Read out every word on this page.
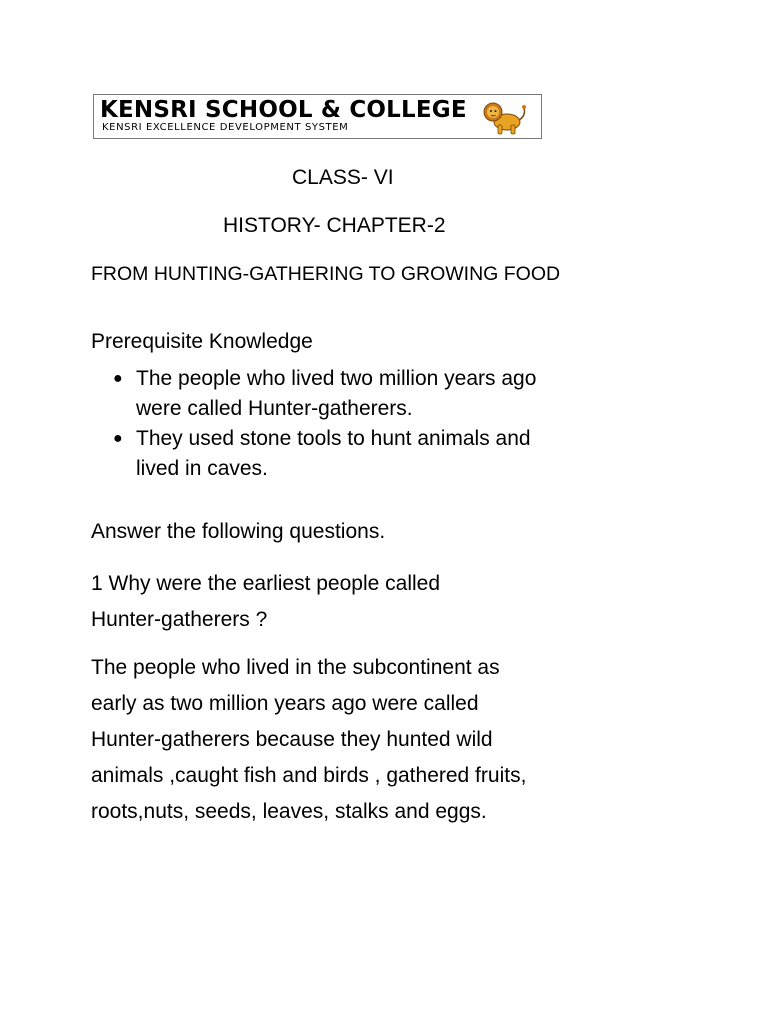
KENSRI SCHOOL & COLLEGE
KENSRI EXCELLENCE DEVELOPMENT SYSTEM
CLASS- VI
HISTORY- CHAPTER-2
FROM HUNTING-GATHERING TO GROWING FOOD
Prerequisite Knowledge
● The people who lived two million years ago
were called Hunter-gatherers.
● They used stone tools to hunt animals and
lived in caves.
Answer the following questions.
1 Why were the earliest people called
Hunter-gatherers ?
The people who lived in the subcontinent as
early as two million years ago were called
Hunter-gatherers because they hunted wild
animals ,caught fish and birds , gathered fruits,
roots,nuts, seeds, leaves, stalks and eggs.
